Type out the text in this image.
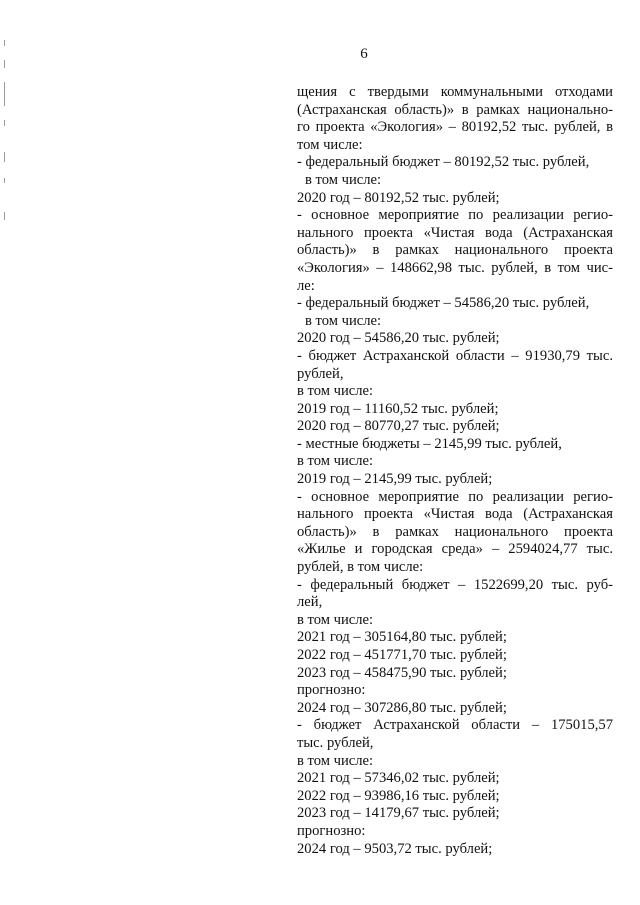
6
щения с твердыми коммунальными отходами
(Астраханская область)» в рамках национально-
го проекта «Экология» – 80192,52 тыс. рублей, в
том числе:
- федеральный бюджет – 80192,52 тыс. рублей,
в том числе:
2020 год – 80192,52 тыс. рублей;
- основное мероприятие по реализации регио-
нального проекта «Чистая вода (Астраханская
область)» в рамках национального проекта
«Экология» – 148662,98 тыс. рублей, в том чис-
ле:
- федеральный бюджет – 54586,20 тыс. рублей,
в том числе:
2020 год – 54586,20 тыс. рублей;
- бюджет Астраханской области – 91930,79 тыс.
рублей,
в том числе:
2019 год – 11160,52 тыс. рублей;
2020 год – 80770,27 тыс. рублей;
- местные бюджеты – 2145,99 тыс. рублей,
в том числе:
2019 год – 2145,99 тыс. рублей;
- основное мероприятие по реализации регио-
нального проекта «Чистая вода (Астраханская
область)» в рамках национального проекта
«Жилье и городская среда» – 2594024,77 тыс.
рублей, в том числе:
- федеральный бюджет – 1522699,20 тыс. руб-
лей,
в том числе:
2021 год – 305164,80 тыс. рублей;
2022 год – 451771,70 тыс. рублей;
2023 год – 458475,90 тыс. рублей;
прогнозно:
2024 год – 307286,80 тыс. рублей;
- бюджет Астраханской области – 175015,57
тыс. рублей,
в том числе:
2021 год – 57346,02 тыс. рублей;
2022 год – 93986,16 тыс. рублей;
2023 год – 14179,67 тыс. рублей;
прогнозно:
2024 год – 9503,72 тыс. рублей;
